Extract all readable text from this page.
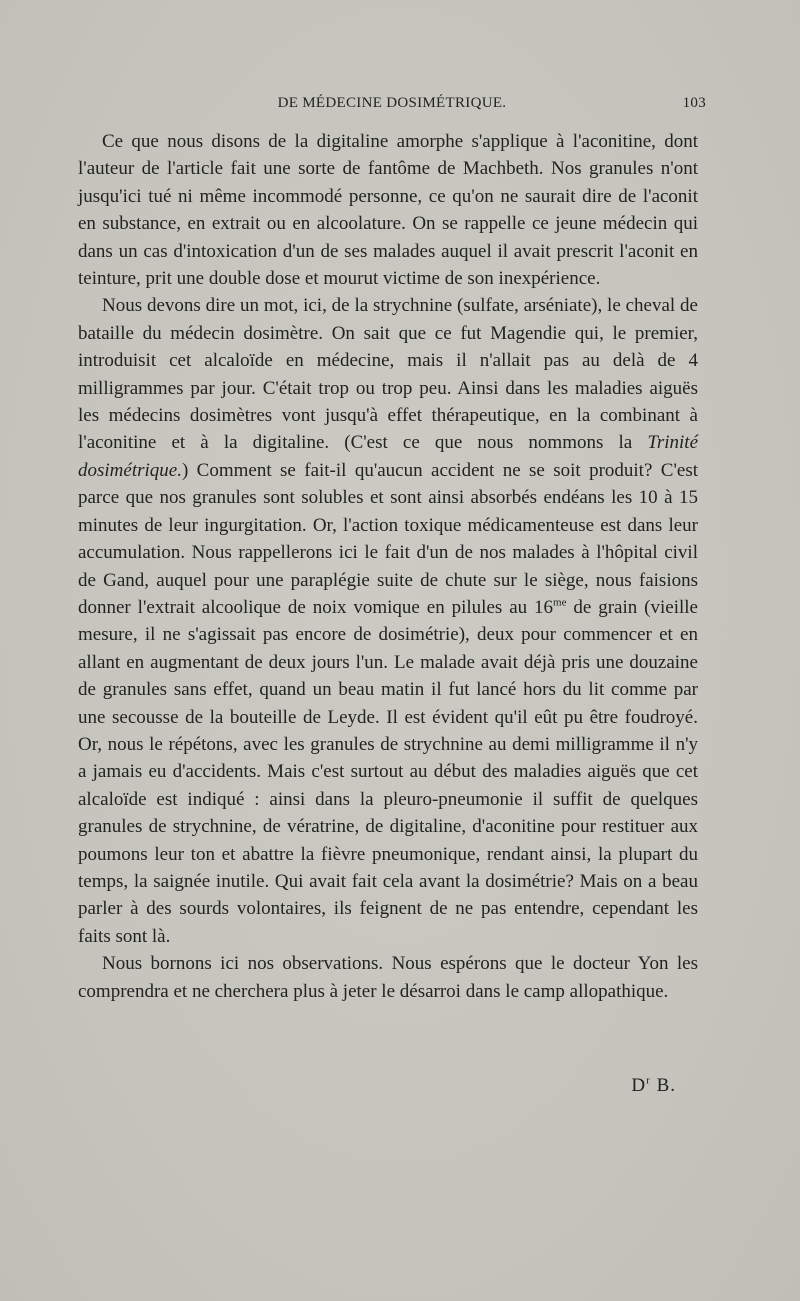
DE MÉDECINE DOSIMÉTRIQUE.	103

Ce que nous disons de la digitaline amorphe s'applique à l'aconitine, dont l'auteur de l'article fait une sorte de fantôme de Machbeth. Nos granules n'ont jusqu'ici tué ni même incommodé personne, ce qu'on ne saurait dire de l'aconit en substance, en extrait ou en alcoolature. On se rappelle ce jeune médecin qui dans un cas d'intoxication d'un de ses malades auquel il avait prescrit l'aconit en teinture, prit une double dose et mourut victime de son inexpérience.

Nous devons dire un mot, ici, de la strychnine (sulfate, arséniate), le cheval de bataille du médecin dosimètre. On sait que ce fut Magendie qui, le premier, introduisit cet alcaloïde en médecine, mais il n'allait pas au delà de 4 milligrammes par jour. C'était trop ou trop peu. Ainsi dans les maladies aiguës les médecins dosimètres vont jusqu'à effet thérapeutique, en la combinant à l'aconitine et à la digitaline. (C'est ce que nous nommons la Trinité dosimétrique.) Comment se fait-il qu'aucun accident ne se soit produit? C'est parce que nos granules sont solubles et sont ainsi absorbés endéans les 10 à 15 minutes de leur ingurgitation. Or, l'action toxique médicamenteuse est dans leur accumulation. Nous rappellerons ici le fait d'un de nos malades à l'hôpital civil de Gand, auquel pour une paraplégie suite de chute sur le siège, nous faisions donner l'extrait alcoolique de noix vomique en pilules au $16^{me}$ de grain (vieille mesure, il ne s'agissait pas encore de dosimétrie), deux pour commencer et en allant en augmentant de deux jours l'un. Le malade avait déjà pris une douzaine de granules sans effet, quand un beau matin il fut lancé hors du lit comme par une secousse de la bouteille de Leyde. Il est évident qu'il eût pu être foudroyé. Or, nous le répétons, avec les granules de strychnine au demi milligramme il n'y a jamais eu d'accidents. Mais c'est surtout au début des maladies aiguës que cet alcaloïde est indiqué : ainsi dans la pleuro-pneumonie il suffit de quelques granules de strychnine, de vératrine, de digitaline, d'aconitine pour restituer aux poumons leur ton et abattre la fièvre pneumonique, rendant ainsi, la plupart du temps, la saignée inutile. Qui avait fait cela avant la dosimétrie? Mais on a beau parler à des sourds volontaires, ils feignent de ne pas entendre, cependant les faits sont là.

Nous bornons ici nos observations. Nous espérons que le docteur Yon les comprendra et ne cherchera plus à jeter le désarroi dans le camp allopathique.

$D^r$ B.
